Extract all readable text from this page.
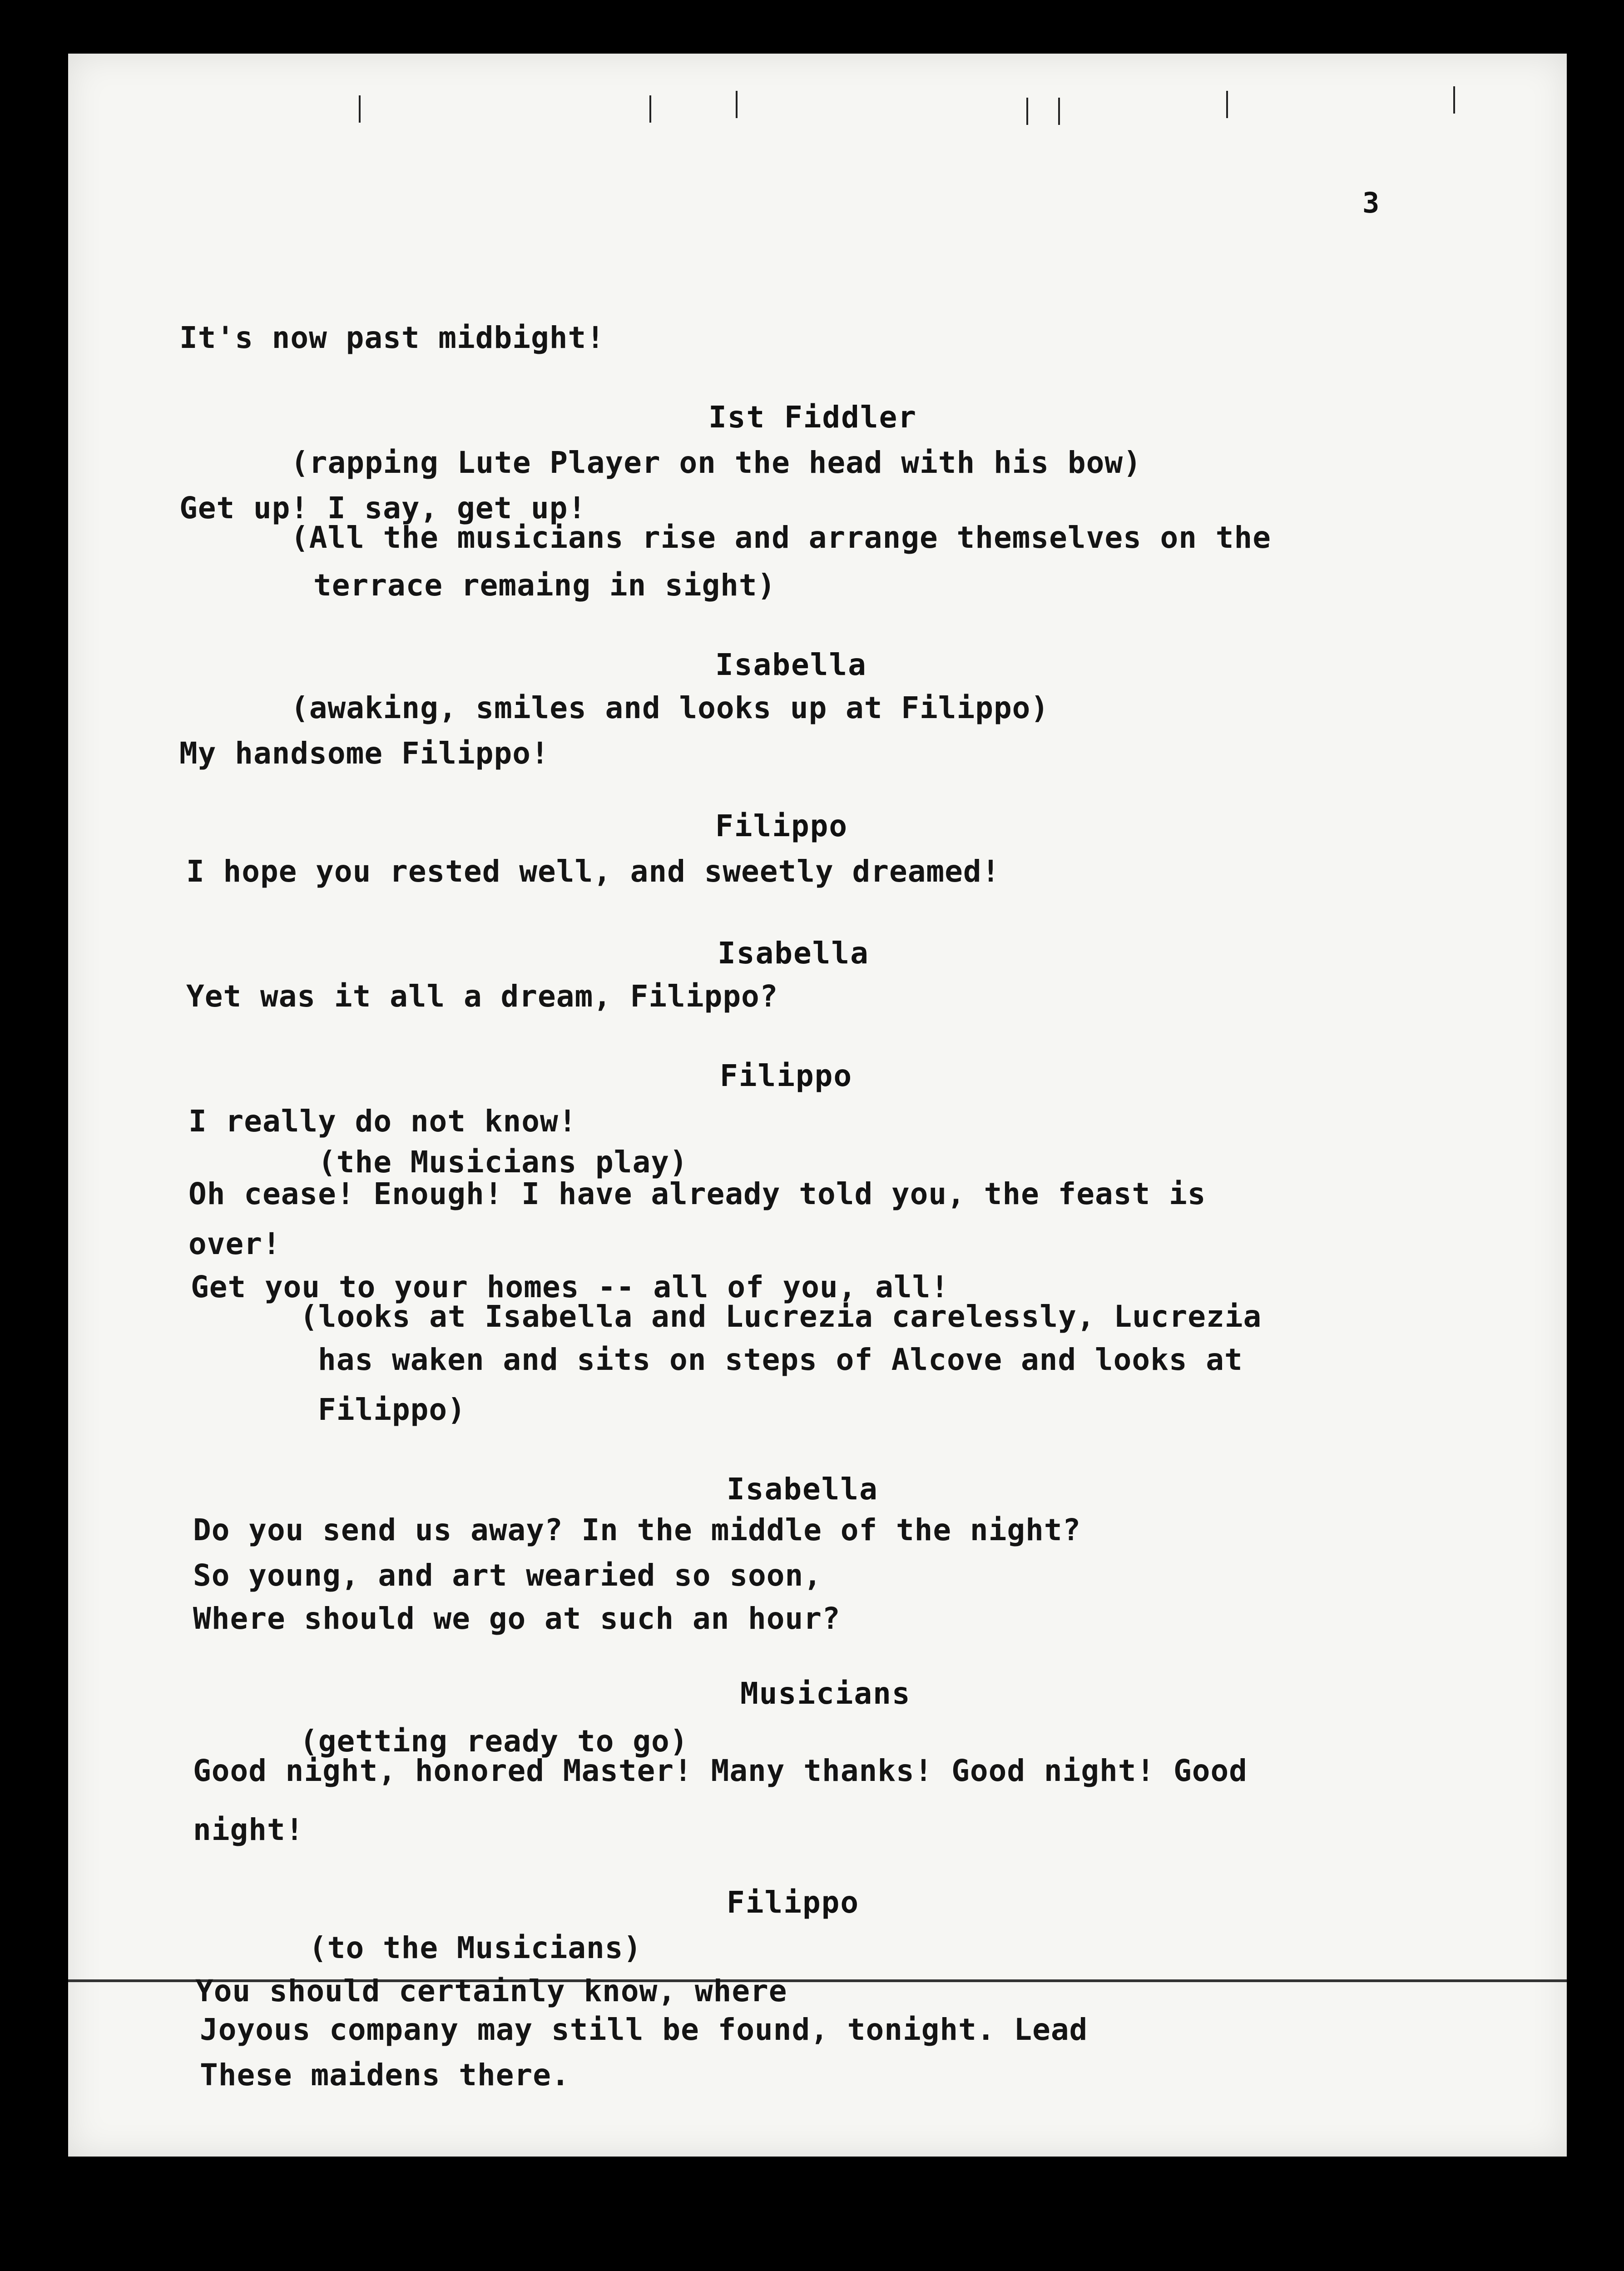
3
It's now past midbight!
Ist Fiddler
(rapping Lute Player on the head with his bow)
Get up! I say, get up!
(All the musicians rise and arrange themselves on the
terrace remaing in sight)
Isabella
(awaking, smiles and looks up at Filippo)
My handsome Filippo!
Filippo
I hope you rested well, and sweetly dreamed!
Isabella
Yet was it all a dream, Filippo?
Filippo
I really do not know!
(the Musicians play)
Oh cease! Enough! I have already told you, the feast is
over!
Get you to your homes -- all of you, all!
(looks at Isabella and Lucrezia carelessly, Lucrezia
has waken and sits on steps of Alcove and looks at
Filippo)
Isabella
Do you send us away? In the middle of the night?
So young, and art wearied so soon,
Where should we go at such an hour?
Musicians
(getting ready to go)
Good night, honored Master! Many thanks! Good night! Good
night!
Filippo
(to the Musicians)
You should certainly know, where
Joyous company may still be found, tonight. Lead
These maidens there.
